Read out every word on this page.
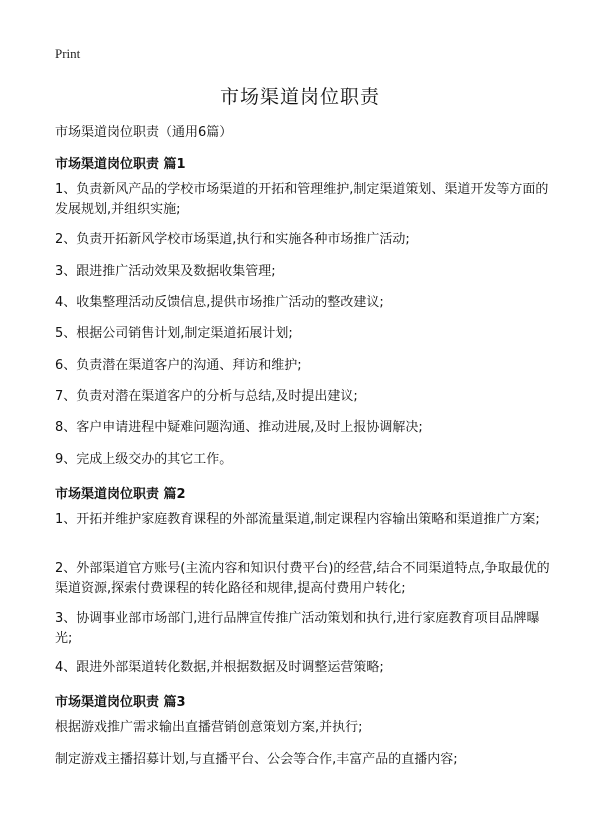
Print
市场渠道岗位职责
市场渠道岗位职责（通用6篇）
市场渠道岗位职责 篇1

1、负责新风产品的学校市场渠道的开拓和管理维护,制定渠道策划、渠道开发等方面的发展规划,并组织实施;

2、负责开拓新风学校市场渠道,执行和实施各种市场推广活动;

3、跟进推广活动效果及数据收集管理;

4、收集整理活动反馈信息,提供市场推广活动的整改建议;

5、根据公司销售计划,制定渠道拓展计划;

6、负责潜在渠道客户的沟通、拜访和维护;

7、负责对潜在渠道客户的分析与总结,及时提出建议;

8、客户申请进程中疑难问题沟通、推动进展,及时上报协调解决;

9、完成上级交办的其它工作。

市场渠道岗位职责 篇2

1、开拓并维护家庭教育课程的外部流量渠道,制定课程内容输出策略和渠道推广方案;

2、外部渠道官方账号(主流内容和知识付费平台)的经营,结合不同渠道特点,争取最优的渠道资源,探索付费课程的转化路径和规律,提高付费用户转化;

3、协调事业部市场部门,进行品牌宣传推广活动策划和执行,进行家庭教育项目品牌曝光;

4、跟进外部渠道转化数据,并根据数据及时调整运营策略;

市场渠道岗位职责 篇3

根据游戏推广需求输出直播营销创意策划方案,并执行;

制定游戏主播招募计划,与直播平台、公会等合作,丰富产品的直播内容;
